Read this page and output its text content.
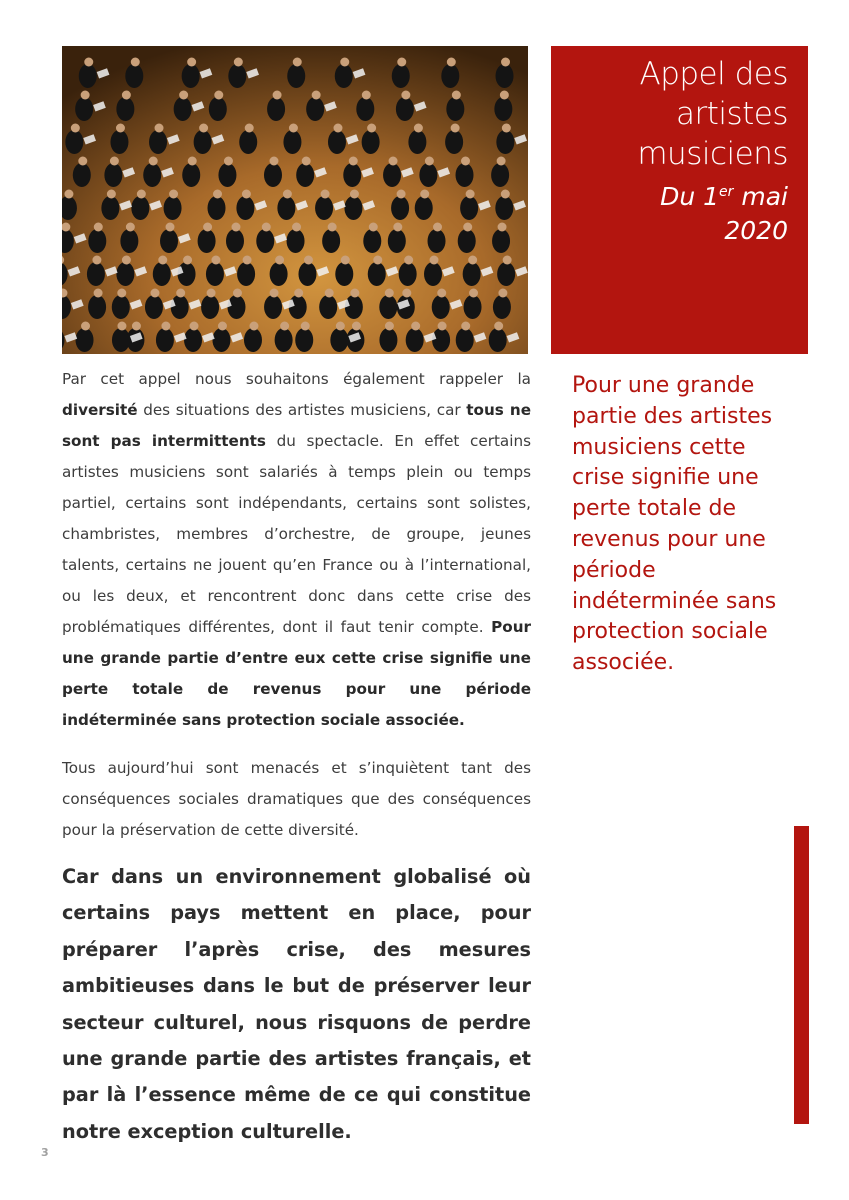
Appel des
artistes
musiciens
Du 1er mai
2020

Par cet appel nous souhaitons également rappeler la diversité des situations des artistes musiciens, car tous ne sont pas intermittents du spectacle. En effet certains artistes musiciens sont salariés à temps plein ou temps partiel, certains sont indépendants, certains sont solistes, chambristes, membres d’orchestre, de groupe, jeunes talents, certains ne jouent qu’en France ou à l’international, ou les deux, et rencontrent donc dans cette crise des problématiques différentes, dont il faut tenir compte. Pour une grande partie d’entre eux cette crise signifie une perte totale de revenus pour une période indéterminée sans protection sociale associée.

Tous aujourd’hui sont menacés et s’inquiètent tant des conséquences sociales dramatiques que des conséquences pour la préservation de cette diversité.

Car dans un environnement globalisé où certains pays mettent en place, pour préparer l’après crise, des mesures ambitieuses dans le but de préserver leur secteur culturel, nous risquons de perdre une grande partie des artistes français, et par là l’essence même de ce qui constitue notre exception culturelle.
Pour une grande partie des artistes musiciens cette crise signifie une perte totale de revenus pour une période indéterminée sans protection sociale associée.
3
